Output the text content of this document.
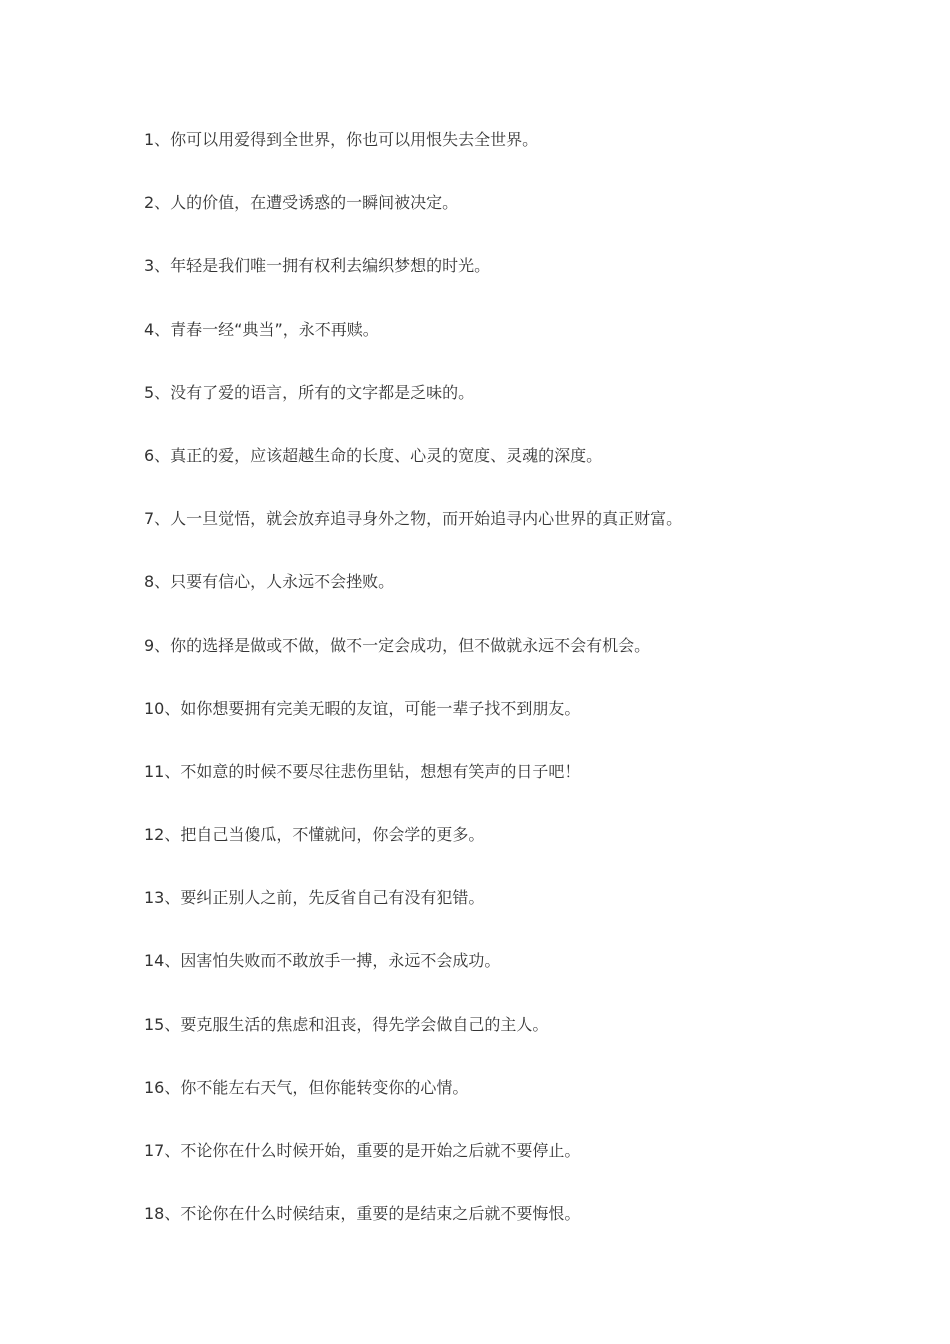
1、你可以用爱得到全世界，你也可以用恨失去全世界。
2、人的价值，在遭受诱惑的一瞬间被决定。
3、年轻是我们唯一拥有权利去编织梦想的时光。
4、青春一经“典当”，永不再赎。
5、没有了爱的语言，所有的文字都是乏味的。
6、真正的爱，应该超越生命的长度、心灵的宽度、灵魂的深度。
7、人一旦觉悟，就会放弃追寻身外之物，而开始追寻内心世界的真正财富。
8、只要有信心，人永远不会挫败。
9、你的选择是做或不做，做不一定会成功，但不做就永远不会有机会。
10、如你想要拥有完美无暇的友谊，可能一辈子找不到朋友。
11、不如意的时候不要尽往悲伤里钻，想想有笑声的日子吧！
12、把自己当傻瓜，不懂就问，你会学的更多。
13、要纠正别人之前，先反省自己有没有犯错。
14、因害怕失败而不敢放手一搏，永远不会成功。
15、要克服生活的焦虑和沮丧，得先学会做自己的主人。
16、你不能左右天气，但你能转变你的心情。
17、不论你在什么时候开始，重要的是开始之后就不要停止。
18、不论你在什么时候结束，重要的是结束之后就不要悔恨。
